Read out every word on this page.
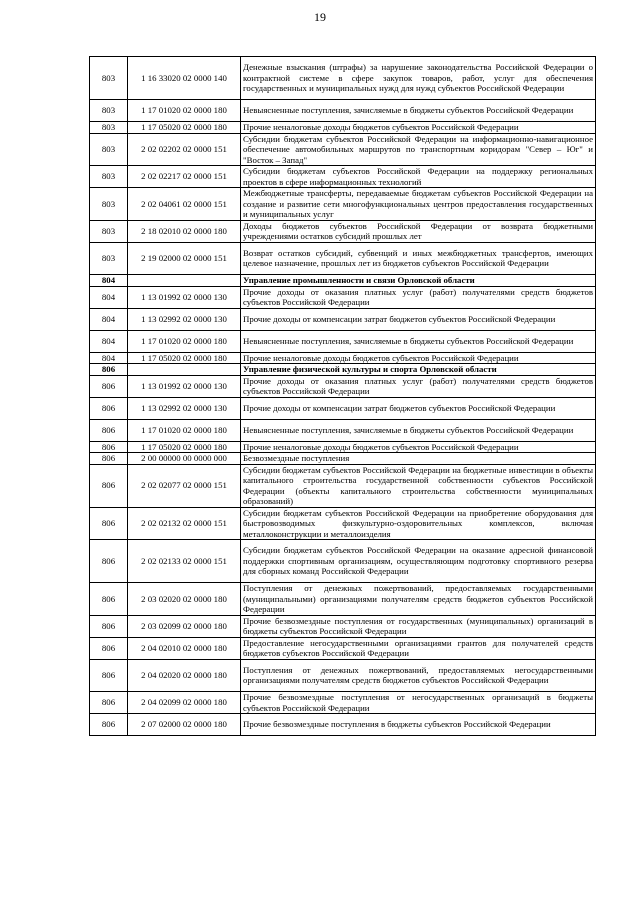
19
803	1 16 33020 02 0000 140	Денежные взыскания (штрафы) за нарушение законодательства Российской Федерации о контрактной системе в сфере закупок товаров, работ, услуг для обеспечения государственных и муниципальных нужд для нужд субъектов Российской Федерации
803	1 17 01020 02 0000 180	Невыясненные поступления, зачисляемые в бюджеты субъектов Российской Федерации
803	1 17 05020 02 0000 180	Прочие неналоговые доходы бюджетов субъектов Российской Федерации
803	2 02 02202 02 0000 151	Субсидии бюджетам субъектов Российской Федерации на информационно-навигационное обеспечение автомобильных маршрутов по транспортным коридорам "Север – Юг" и "Восток – Запад"
803	2 02 02217 02 0000 151	Субсидии бюджетам субъектов Российской Федерации на поддержку региональных проектов в сфере информационных технологий
803	2 02 04061 02 0000 151	Межбюджетные трансферты, передаваемые бюджетам субъектов Российской Федерации на создание и развитие сети многофункциональных центров предоставления государственных и муниципальных услуг
803	2 18 02010 02 0000 180	Доходы бюджетов субъектов Российской Федерации от возврата бюджетными учреждениями остатков субсидий прошлых лет
803	2 19 02000 02 0000 151	Возврат остатков субсидий, субвенций и иных межбюджетных трансфертов, имеющих целевое назначение, прошлых лет из бюджетов субъектов Российской Федерации
804		Управление промышленности и связи Орловской области
804	1 13 01992 02 0000 130	Прочие доходы от оказания платных услуг (работ) получателями средств бюджетов субъектов Российской Федерации
804	1 13 02992 02 0000 130	Прочие доходы от компенсации затрат бюджетов субъектов Российской Федерации
804	1 17 01020 02 0000 180	Невыясненные поступления, зачисляемые в бюджеты субъектов Российской Федерации
804	1 17 05020 02 0000 180	Прочие неналоговые доходы бюджетов субъектов Российской Федерации
806		Управление физической культуры и спорта Орловской области
806	1 13 01992 02 0000 130	Прочие доходы от оказания платных услуг (работ) получателями средств бюджетов субъектов Российской Федерации
806	1 13 02992 02 0000 130	Прочие доходы от компенсации затрат бюджетов субъектов Российской Федерации
806	1 17 01020 02 0000 180	Невыясненные поступления, зачисляемые в бюджеты субъектов Российской Федерации
806	1 17 05020 02 0000 180	Прочие неналоговые доходы бюджетов субъектов Российской Федерации
806	2 00 00000 00 0000 000	Безвозмездные поступления
806	2 02 02077 02 0000 151	Субсидии бюджетам субъектов Российской Федерации на бюджетные инвестиции в объекты капитального строительства государственной собственности субъектов Российской Федерации (объекты капитального строительства собственности муниципальных образований)
806	2 02 02132 02 0000 151	Субсидии бюджетам субъектов Российской Федерации на приобретение оборудования для быстровозводимых физкультурно-оздоровительных комплексов, включая металлоконструкции и металлоизделия
806	2 02 02133 02 0000 151	Субсидии бюджетам субъектов Российской Федерации на оказание адресной финансовой поддержки спортивным организациям, осуществляющим подготовку спортивного резерва для сборных команд Российской Федерации
806	2 03 02020 02 0000 180	Поступления от денежных пожертвований, предоставляемых государственными (муниципальными) организациями получателям средств бюджетов субъектов Российской Федерации
806	2 03 02099 02 0000 180	Прочие безвозмездные поступления от государственных (муниципальных) организаций в бюджеты субъектов Российской Федерации
806	2 04 02010 02 0000 180	Предоставление негосударственными организациями грантов для получателей средств бюджетов субъектов Российской Федерации
806	2 04 02020 02 0000 180	Поступления от денежных пожертвований, предоставляемых негосударственными организациями получателям средств бюджетов субъектов Российской Федерации
806	2 04 02099 02 0000 180	Прочие безвозмездные поступления от негосударственных организаций в бюджеты субъектов Российской Федерации
806	2 07 02000 02 0000 180	Прочие безвозмездные поступления в бюджеты субъектов Российской Федерации
